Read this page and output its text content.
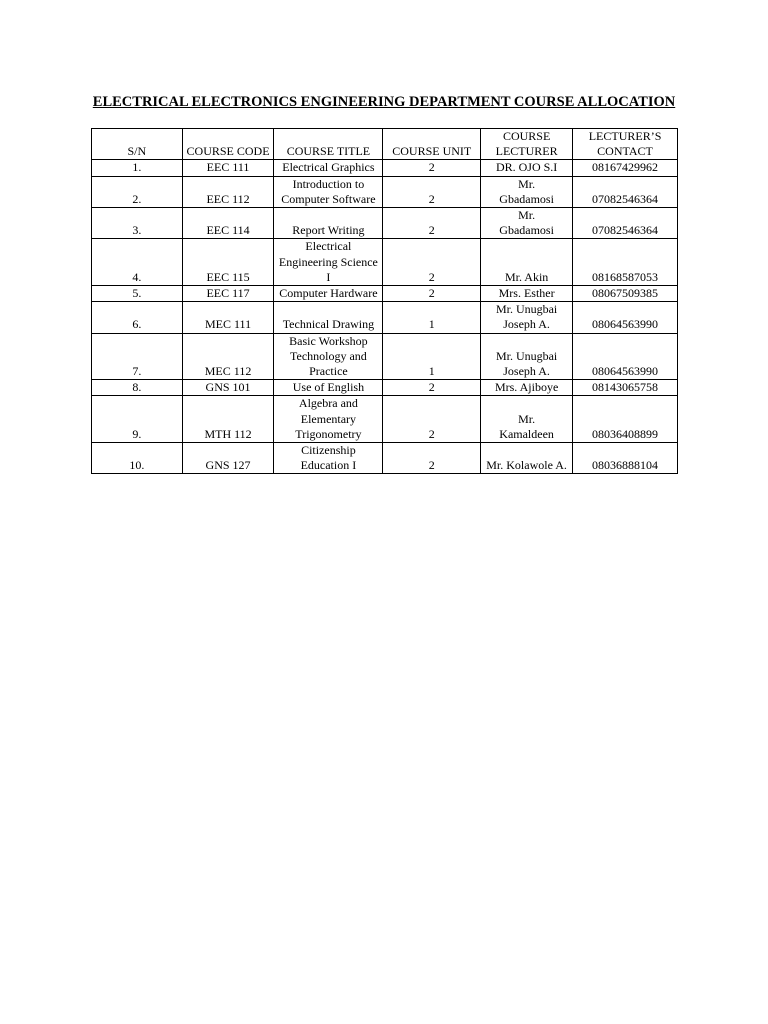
ELECTRICAL ELECTRONICS ENGINEERING DEPARTMENT COURSE ALLOCATION
S/N	COURSE CODE	COURSE TITLE	COURSE UNIT	COURSE LECTURER	LECTURER’S CONTACT
1.	EEC 111	Electrical Graphics	2	DR. OJO S.I	08167429962
2.	EEC 112	Introduction to Computer Software	2	Mr. Gbadamosi	07082546364
3.	EEC 114	Report Writing	2	Mr. Gbadamosi	07082546364
4.	EEC 115	Electrical Engineering Science I	2	Mr. Akin	08168587053
5.	EEC 117	Computer Hardware	2	Mrs. Esther	08067509385
6.	MEC 111	Technical Drawing	1	Mr. Unugbai Joseph A.	08064563990
7.	MEC 112	Basic Workshop Technology and Practice	1	Mr. Unugbai Joseph A.	08064563990
8.	GNS 101	Use of English	2	Mrs. Ajiboye	08143065758
9.	MTH 112	Algebra and Elementary Trigonometry	2	Mr. Kamaldeen	08036408899
10.	GNS 127	Citizenship Education I	2	Mr. Kolawole A.	08036888104
